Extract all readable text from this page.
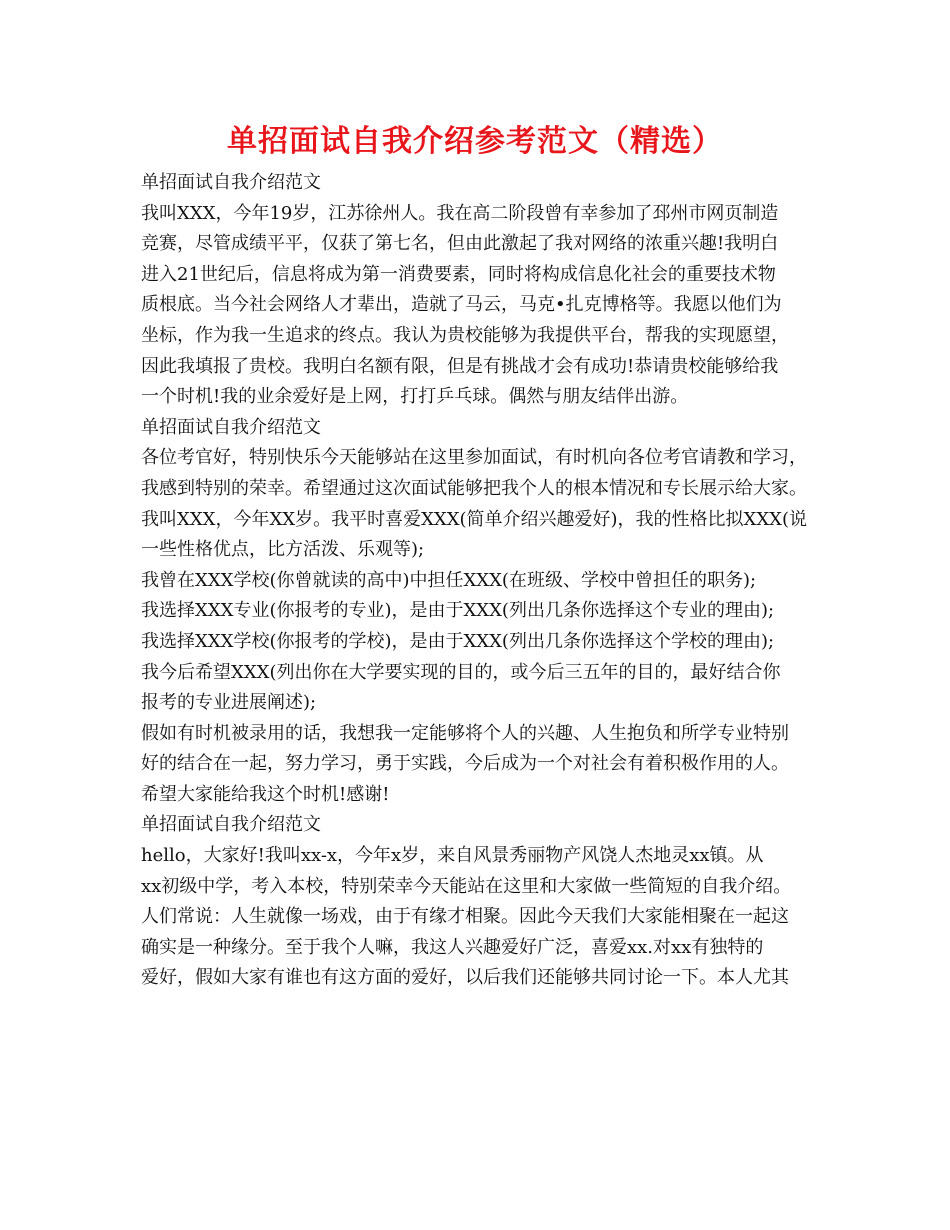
单招面试自我介绍参考范文（精选）
单招面试自我介绍范文
我叫XXX，今年19岁，江苏徐州人。我在高二阶段曾有幸参加了邳州市网页制造
竞赛，尽管成绩平平，仅获了第七名，但由此激起了我对网络的浓重兴趣!我明白
进入21世纪后，信息将成为第一消费要素，同时将构成信息化社会的重要技术物
质根底。当今社会网络人才辈出，造就了马云，马克•扎克博格等。我愿以他们为
坐标，作为我一生追求的终点。我认为贵校能够为我提供平台，帮我的实现愿望，
因此我填报了贵校。我明白名额有限，但是有挑战才会有成功!恭请贵校能够给我
一个时机!我的业余爱好是上网，打打乒乓球。偶然与朋友结伴出游。
单招面试自我介绍范文
各位考官好，特别快乐今天能够站在这里参加面试，有时机向各位考官请教和学习，
我感到特别的荣幸。希望通过这次面试能够把我个人的根本情况和专长展示给大家。
我叫XXX，今年XX岁。我平时喜爱XXX(简单介绍兴趣爱好)，我的性格比拟XXX(说
一些性格优点，比方活泼、乐观等);
我曾在XXX学校(你曾就读的高中)中担任XXX(在班级、学校中曾担任的职务);
我选择XXX专业(你报考的专业)，是由于XXX(列出几条你选择这个专业的理由);
我选择XXX学校(你报考的学校)，是由于XXX(列出几条你选择这个学校的理由);
我今后希望XXX(列出你在大学要实现的目的，或今后三五年的目的，最好结合你
报考的专业进展阐述);
假如有时机被录用的话，我想我一定能够将个人的兴趣、人生抱负和所学专业特别
好的结合在一起，努力学习，勇于实践，今后成为一个对社会有着积极作用的人。
希望大家能给我这个时机!感谢!
单招面试自我介绍范文
hello，大家好!我叫xx-x，今年x岁，来自风景秀丽物产风饶人杰地灵xx镇。从
xx初级中学，考入本校，特别荣幸今天能站在这里和大家做一些简短的自我介绍。
人们常说：人生就像一场戏，由于有缘才相聚。因此今天我们大家能相聚在一起这
确实是一种缘分。至于我个人嘛，我这人兴趣爱好广泛，喜爱xx.对xx有独特的
爱好，假如大家有谁也有这方面的爱好，以后我们还能够共同讨论一下。本人尤其
